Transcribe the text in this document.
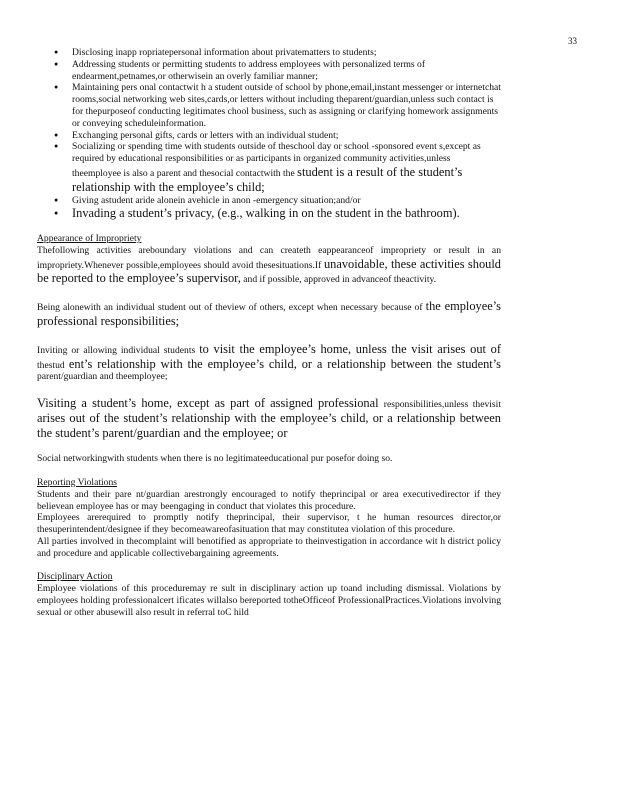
33
● Disclosing inapp ropriatepersonal information about privatematters to students;
● Addressing students or permitting students to address employees with personalized terms of endearment,petnames,or otherwisein an overly familiar manner;
● Maintaining pers onal contactwit h a student outside of school by phone,email,instant messenger or internetchat rooms,social networking web sites,cards,or letters without including theparent/guardian,unless such contact is for thepurposeof conducting legitimates chool business, such as assigning or clarifying homework assignments or conveying scheduleinformation.
● Exchanging personal gifts, cards or letters with an individual student;
● Socializing or spending time with students outside of theschool day or school -sponsored event s,except as required by educational responsibilities or as participants in organized community activities,unless theemployee is also a parent and thesocial contactwith the student is a result of the student’s relationship with the employee’s child;
● Giving astudent aride alonein avehicle in anon -emergency situation;and/or
● Invading a student’s privacy, (e.g., walking in on the student in the bathroom).
Appearance of Impropriety

Thefollowing activities areboundary violations and can createth eappearanceof impropriety or result in an impropriety.Whenever possible,employees should avoid thesesituations.If unavoidable, these activities should be reported to the employee’s supervisor, and if possible, approved in advanceof theactivity.

Being alonewith an individual student out of theview of others, except when necessary because of the employee’s professional responsibilities;

Inviting or allowing individual students to visit the employee’s home, unless the visit arises out of thestud ent’s relationship with the employee’s child, or a relationship between the student’s parent/guardian and theemployee;

Visiting a student’s home, except as part of assigned professional responsibilities,unless thevisit arises out of the student’s relationship with the employee’s child, or a relationship between the student’s parent/guardian and the employee; or

Social networkingwith students when there is no legitimateeducational pur posefor doing so.

Reporting Violations

Students and their pare nt/guardian arestrongly encouraged to notify theprincipal or area executivedirector if they believean employee has or may beengaging in conduct that violates this procedure.

Employees arerequired to promptly notify theprincipal, their supervisor, t he human resources director,or thesuperintendent/designee if they becomeawareofasituation that may constitutea violation of this procedure.

All parties involved in thecomplaint will benotified as appropriate to theinvestigation in accordance wit h district policy and procedure and applicable collectivebargaining agreements.

Disciplinary Action

Employee violations of this proceduremay re sult in disciplinary action up toand including dismissal. Violations by employees holding professionalcert ificates willalso bereported totheOfficeof ProfessionalPractices.Violations involving sexual or other abusewill also result in referral toC hild
